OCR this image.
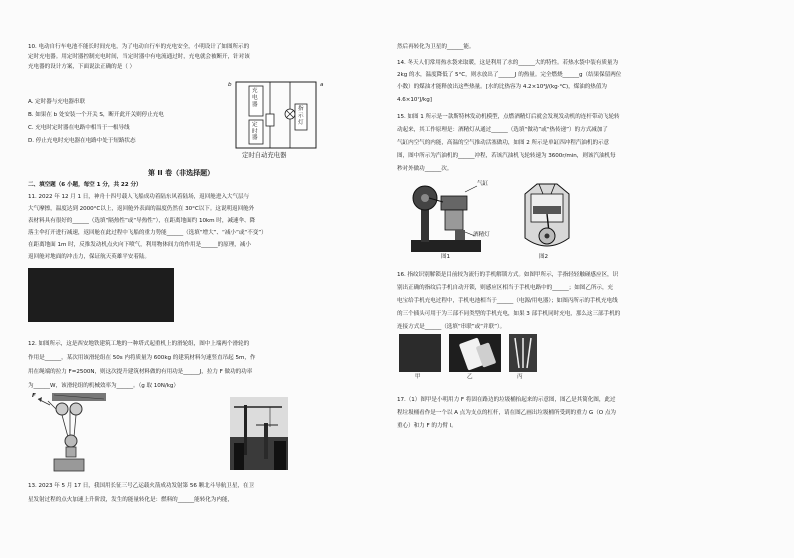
10. 电动自行车电池不能长时间充电，为了电动自行车的充电安全，小明设计了如图所示的
定时充电器。用定时器控制充电时间，当定时器中有电流通过时，充电就会被断开，针对该
充电器的设计方案，下面说法正确的是（ ）
A. 定时器与充电器串联
B. 如果在 b 处安装一个开关 S，断开此开关则停止充电
C. 充电时定时器在电路中相当于一根导线
D. 停止充电时充电器在电路中处于短路状态
b	a
充电器
定时器
指示灯
定时自动充电器
第 II 卷（非选择题）
二、填空题（6 小题，每空 1 分，共 22 分）
11. 2022 年 12 月 1 日，神舟十四号载人飞船成功着陆东风着陆场，返回舱进入大气层与
大气摩擦，温度达到 2000°C以上，返回舱外表面的温度仍然在 30°C以下。这说明返回舱外
表材料具有很好的______（选填“隔热性”或“导热性”），在距离地面约 10km 时，减速伞、降
落主伞打开进行减速，返回舱在此过程中飞船的重力势能______（选填“增大”、“减小”或“不变”）
在距离地面 1m 时，反推发动机点火向下喷气，利用物体间力的作用是______的原理，减小
返回舱对地面的冲击力，保证航天英雄平安着陆。
12. 如图所示，这是西安地铁建筑工地的一种塔式起重机上的滑轮组，图中上端两个滑轮的
作用是______，某次用该滑轮组在 50s 内将质量为 600kg 的建筑材料匀速竖直吊起 5m，作
用在绳端的拉力 F=2500N，则这次提升建筑材料做的有用功是______J，拉力 F 做功的功率
为______W，该滑轮组的机械效率为______。（g 取 10N/kg）
F
13. 2023 年 5 月 17 日，我国用长征三号乙运载火箭成功发射第 56 颗北斗导航卫星，在卫
星发射过程的点火加速上升阶段，发生的能量转化是：燃料的______能转化为内能，
然后再转化为卫星的______能。
14. 冬天人们常用热水袋来取暖，这是利用了水的______大的特性。若热水袋中装有质量为
2kg 的水，温度降低了 5°C，则水放出了______J 的热量。完全燃烧______g（结果保留两位
小数）的煤油才能释放出这些热量。[水的比热容为 4.2×10³J/(kg·°C)，煤油的热值为
4.6×10⁷J/kg]
15. 如图 1 所示是一款斯特林发动机模型，点燃酒精灯后就会发现发动机的连杆带动飞轮转
动起来，其工作原理是：酒精灯从通过______（选填“做功”或“热传递”）的方式减加了
气缸内空气的内能，高温的空气推动活塞做功，如图 2 所示是单缸四冲程汽油机的示意
图，图中所示为汽油机的______冲程，若该汽油机飞轮转速为 3600r/min，则该汽油机每
秒对外做功______次。
气缸
酒精灯
图1	图2
16. 指纹识别解锁是目前较为流行的手机解锁方式。如图甲所示，手指轻轻触碰感应区，识
别出正确的指纹后手机自动开锁，则感应区相当于手机电路中的______；如图乙所示，充
电宝给手机充电过程中，手机电池相当于______（电源/用电器）；如图丙所示的手机充电线
的三个插头可用于为三部不同类型的手机充电，如果 3 部手机同时充电，那么这三部手机的
连接方式是______（选填“串联”或“并联”）。
甲	乙	丙
17.（1）图甲是小明用力 F 将固在路边的垃圾桶抬起来的示意图，图乙是其简化图，此过
程垃圾桶看作是一个以 A 点为支点的杠杆，请在图乙画出垃圾桶所受到的重力 G（O 点为
重心）和力 F 的力臂 l。
